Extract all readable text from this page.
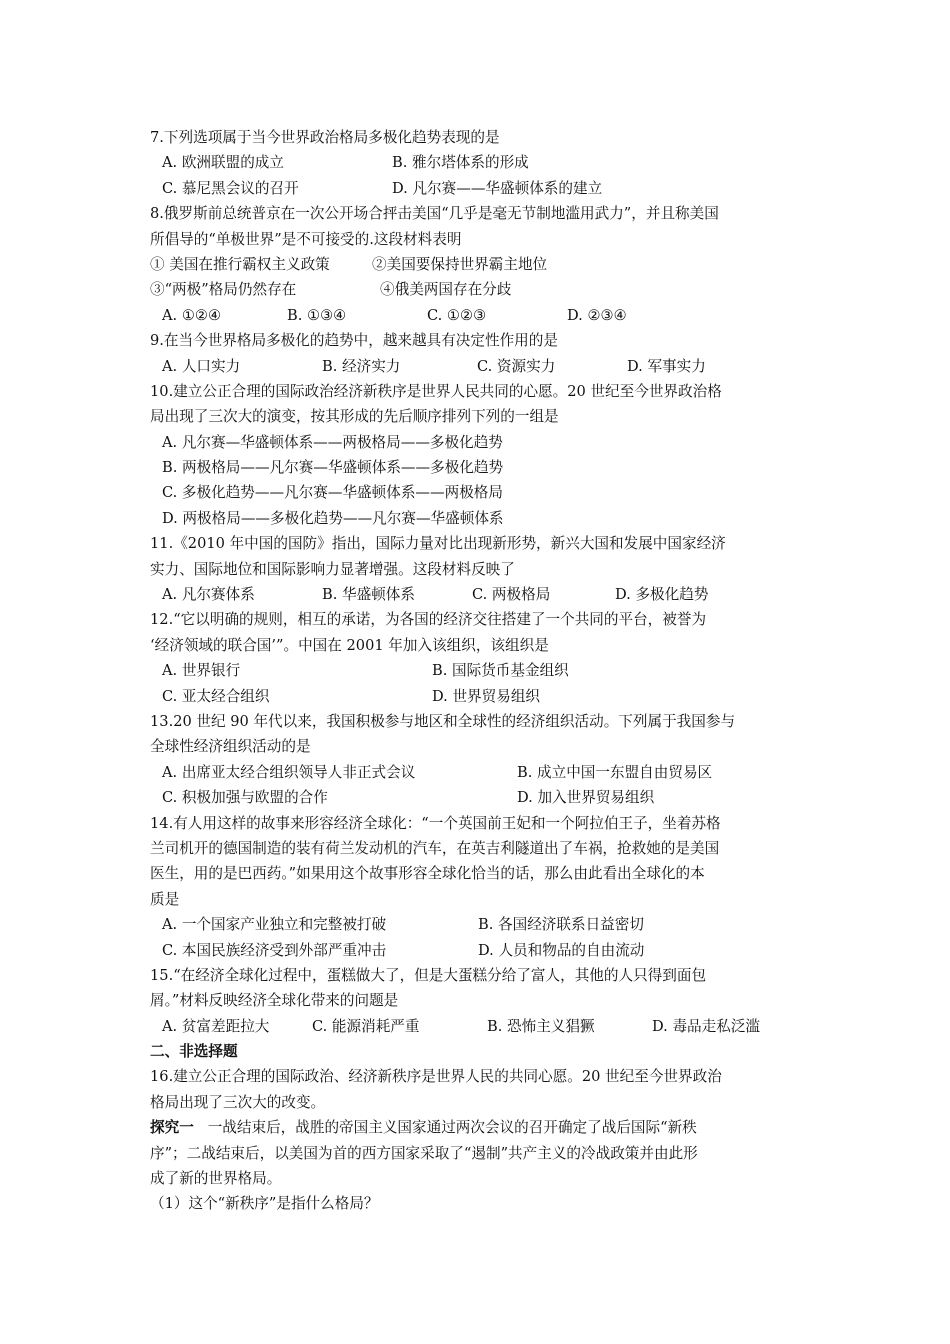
7.下列选项属于当今世界政治格局多极化趋势表现的是
A. 欧洲联盟的成立	B. 雅尔塔体系的形成
C. 慕尼黑会议的召开	D. 凡尔赛——华盛顿体系的建立
8.俄罗斯前总统普京在一次公开场合抨击美国“几乎是毫无节制地滥用武力”，并且称美国
所倡导的“单极世界”是不可接受的.这段材料表明
① 美国在推行霸权主义政策	②美国要保持世界霸主地位
③“两极”格局仍然存在	④俄美两国存在分歧
A. ①②④	B. ①③④	C. ①②③	D. ②③④
9.在当今世界格局多极化的趋势中，越来越具有决定性作用的是
A. 人口实力	B. 经济实力	C. 资源实力	D. 军事实力
10.建立公正合理的国际政治经济新秩序是世界人民共同的心愿。20 世纪至今世界政治格
局出现了三次大的演变，按其形成的先后顺序排列下列的一组是
A. 凡尔赛—华盛顿体系——两极格局——多极化趋势
B. 两极格局——凡尔赛—华盛顿体系——多极化趋势
C. 多极化趋势——凡尔赛—华盛顿体系——两极格局
D. 两极格局——多极化趋势——凡尔赛—华盛顿体系
11.《2010 年中国的国防》指出，国际力量对比出现新形势，新兴大国和发展中国家经济
实力、国际地位和国际影响力显著增强。这段材料反映了
A. 凡尔赛体系	B. 华盛顿体系	C. 两极格局	D. 多极化趋势
12.“它以明确的规则，相互的承诺，为各国的经济交往搭建了一个共同的平台，被誉为
‘经济领域的联合国’”。中国在 2001 年加入该组织，该组织是
A. 世界银行	B. 国际货币基金组织
C. 亚太经合组织	D. 世界贸易组织
13.20 世纪 90 年代以来，我国积极参与地区和全球性的经济组织活动。下列属于我国参与
全球性经济组织活动的是
A. 出席亚太经合组织领导人非正式会议	B. 成立中国一东盟自由贸易区
C. 积极加强与欧盟的合作	D. 加入世界贸易组织
14.有人用这样的故事来形容经济全球化：“一个英国前王妃和一个阿拉伯王子，坐着苏格
兰司机开的德国制造的装有荷兰发动机的汽车，在英吉利隧道出了车祸，抢救她的是美国
医生，用的是巴西药。”如果用这个故事形容全球化恰当的话，那么由此看出全球化的本
质是
A. 一个国家产业独立和完整被打破	B. 各国经济联系日益密切
C. 本国民族经济受到外部严重冲击	D. 人员和物品的自由流动
15.“在经济全球化过程中，蛋糕做大了，但是大蛋糕分给了富人，其他的人只得到面包
屑。”材料反映经济全球化带来的问题是
A. 贫富差距拉大	C. 能源消耗严重	B. 恐怖主义猖獗	D. 毒品走私泛滥
二、非选择题
16.建立公正合理的国际政治、经济新秩序是世界人民的共同心愿。20 世纪至今世界政治
格局出现了三次大的改变。
探究一   一战结束后，战胜的帝国主义国家通过两次会议的召开确定了战后国际“新秩
序”；二战结束后，以美国为首的西方国家采取了“遏制”共产主义的冷战政策并由此形
成了新的世界格局。
（1）这个“新秩序”是指什么格局？
